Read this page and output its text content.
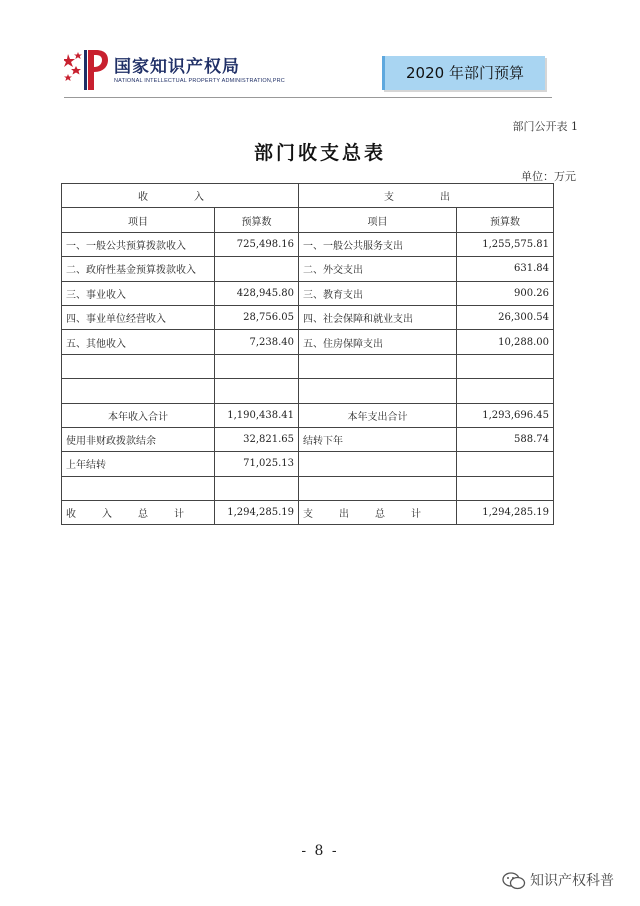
国家知识产权局
NATIONAL INTELLECTUAL PROPERTY ADMINISTRATION,PRC	2020 年部门预算
部门公开表 1
部门收支总表
单位：万元
收　入		支　出	
项目	预算数	项目	预算数
一、一般公共预算拨款收入	725,498.16	一、一般公共服务支出	1,255,575.81
二、政府性基金预算拨款收入		二、外交支出	631.84
三、事业收入	428,945.80	三、教育支出	900.26
四、事业单位经营收入	28,756.05	四、社会保障和就业支出	26,300.54
五、其他收入	7,238.40	五、住房保障支出	10,288.00

本年收入合计	1,190,438.41	本年支出合计	1,293,696.45
使用非财政拨款结余	32,821.65	结转下年	588.74
上年结转	71,025.13		

收入总计	1,294,285.19	支出总计	1,294,285.19
- 8 -
知识产权科普
